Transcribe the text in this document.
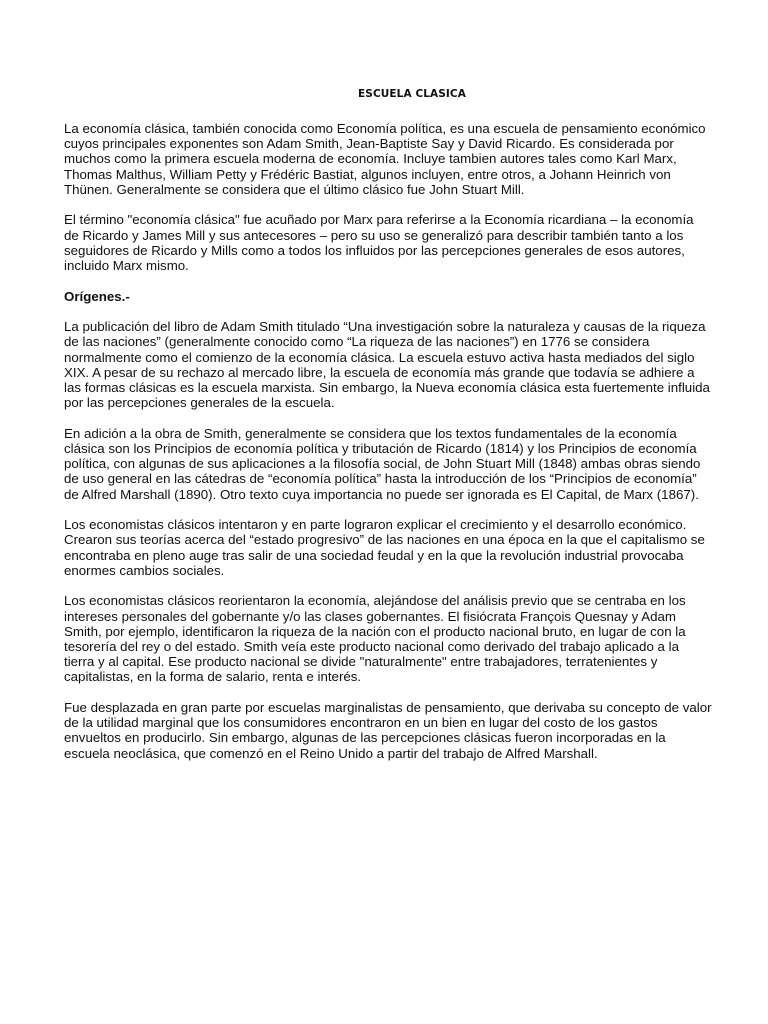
ESCUELA CLASICA

La economía clásica, también conocida como Economía política, es una escuela de pensamiento económico cuyos principales exponentes son Adam Smith, Jean-Baptiste Say y David Ricardo. Es considerada por muchos como la primera escuela moderna de economía. Incluye tambien autores tales como Karl Marx, Thomas Malthus, William Petty y Frédéric Bastiat, algunos incluyen, entre otros, a Johann Heinrich von Thünen. Generalmente se considera que el último clásico fue John Stuart Mill.

El término "economía clásica" fue acuñado por Marx para referirse a la Economía ricardiana – la economía de Ricardo y James Mill y sus antecesores – pero su uso se generalizó para describir también tanto a los seguidores de Ricardo y Mills como a todos los influidos por las percepciones generales de esos autores, incluido Marx mismo.

Orígenes.-

La publicación del libro de Adam Smith titulado “Una investigación sobre la naturaleza y causas de la riqueza de las naciones” (generalmente conocido como “La riqueza de las naciones”) en 1776 se considera normalmente como el comienzo de la economía clásica. La escuela estuvo activa hasta mediados del siglo XIX. A pesar de su rechazo al mercado libre, la escuela de economía más grande que todavía se adhiere a las formas clásicas es la escuela marxista. Sin embargo, la Nueva economía clásica esta fuertemente influida por las percepciones generales de la escuela.

En adición a la obra de Smith, generalmente se considera que los textos fundamentales de la economía clásica son los Principios de economía política y tributación de Ricardo (1814) y los Principios de economía política, con algunas de sus aplicaciones a la filosofía social, de John Stuart Mill (1848) ambas obras siendo de uso general en las cátedras de “economía política” hasta la introducción de los “Principios de economía” de Alfred Marshall (1890). Otro texto cuya importancia no puede ser ignorada es El Capital, de Marx (1867).

Los economistas clásicos intentaron y en parte lograron explicar el crecimiento y el desarrollo económico. Crearon sus teorías acerca del “estado progresivo” de las naciones en una época en la que el capitalismo se encontraba en pleno auge tras salir de una sociedad feudal y en la que la revolución industrial provocaba enormes cambios sociales.

Los economistas clásicos reorientaron la economía, alejándose del análisis previo que se centraba en los intereses personales del gobernante y/o las clases gobernantes. El fisiócrata François Quesnay y Adam Smith, por ejemplo, identificaron la riqueza de la nación con el producto nacional bruto, en lugar de con la tesorería del rey o del estado. Smith veía este producto nacional como derivado del trabajo aplicado a la tierra y al capital. Ese producto nacional se divide "naturalmente" entre trabajadores, terratenientes y capitalistas, en la forma de salario, renta e interés.

Fue desplazada en gran parte por escuelas marginalistas de pensamiento, que derivaba su concepto de valor de la utilidad marginal que los consumidores encontraron en un bien en lugar del costo de los gastos envueltos en producirlo. Sin embargo, algunas de las percepciones clásicas fueron incorporadas en la escuela neoclásica, que comenzó en el Reino Unido a partir del trabajo de Alfred Marshall.
